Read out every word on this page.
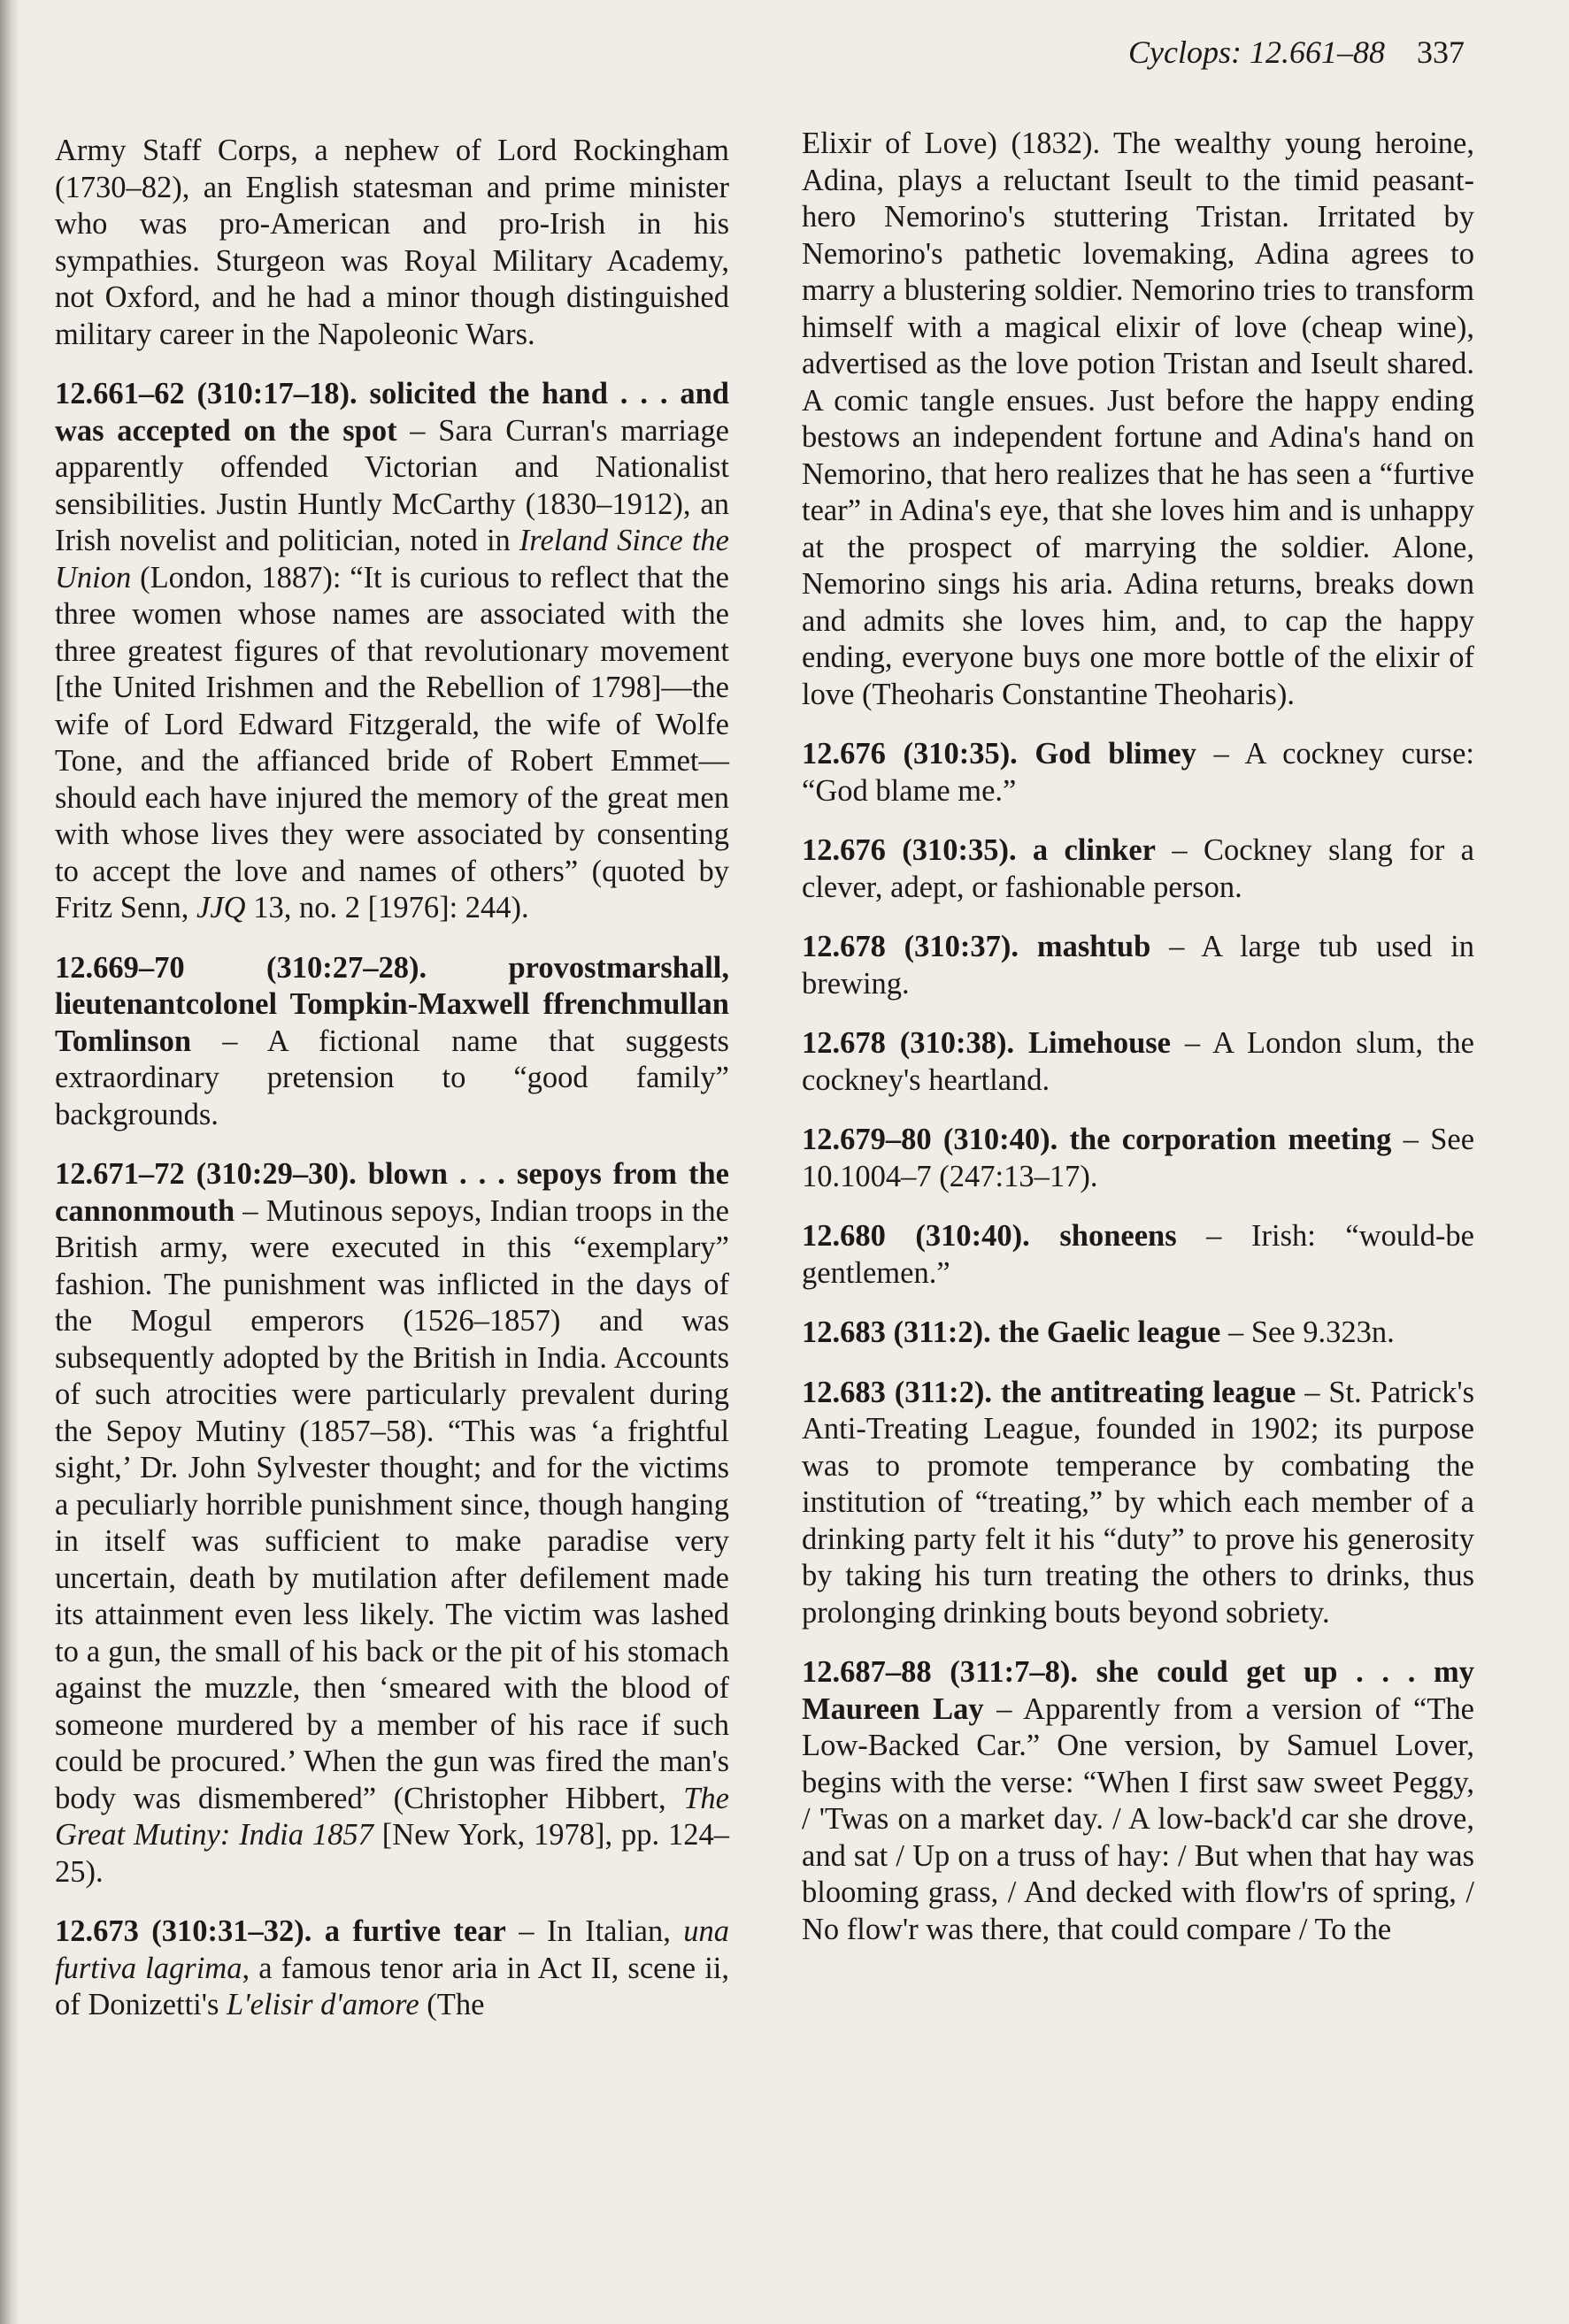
Cyclops: 12.661–88 337

Army Staff Corps, a nephew of Lord Rockingham (1730–82), an English statesman and prime minister who was pro-American and pro-Irish in his sympathies. Sturgeon was Royal Military Academy, not Oxford, and he had a minor though distinguished military career in the Napoleonic Wars.

12.661–62 (310:17–18). solicited the hand . . . and was accepted on the spot – Sara Curran's marriage apparently offended Victorian and Nationalist sensibilities. Justin Huntly McCarthy (1830–1912), an Irish novelist and politician, noted in Ireland Since the Union (London, 1887): “It is curious to reflect that the three women whose names are associated with the three greatest figures of that revolutionary movement [the United Irishmen and the Rebellion of 1798]—the wife of Lord Edward Fitzgerald, the wife of Wolfe Tone, and the affianced bride of Robert Emmet—should each have injured the memory of the great men with whose lives they were associated by consenting to accept the love and names of others” (quoted by Fritz Senn, JJQ 13, no. 2 [1976]: 244).

12.669–70 (310:27–28). provostmarshall, lieutenantcolonel Tompkin-Maxwell ffrenchmullan Tomlinson – A fictional name that suggests extraordinary pretension to “good family” backgrounds.

12.671–72 (310:29–30). blown . . . sepoys from the cannonmouth – Mutinous sepoys, Indian troops in the British army, were executed in this “exemplary” fashion. The punishment was inflicted in the days of the Mogul emperors (1526–1857) and was subsequently adopted by the British in India. Accounts of such atrocities were particularly prevalent during the Sepoy Mutiny (1857–58). “This was ‘a frightful sight,’ Dr. John Sylvester thought; and for the victims a peculiarly horrible punishment since, though hanging in itself was sufficient to make paradise very uncertain, death by mutilation after defilement made its attainment even less likely. The victim was lashed to a gun, the small of his back or the pit of his stomach against the muzzle, then ‘smeared with the blood of someone murdered by a member of his race if such could be procured.’ When the gun was fired the man's body was dismembered” (Christopher Hibbert, The Great Mutiny: India 1857 [New York, 1978], pp. 124–25).

12.673 (310:31–32). a furtive tear – In Italian, una furtiva lagrima, a famous tenor aria in Act II, scene ii, of Donizetti's L'elisir d'amore (The

Elixir of Love) (1832). The wealthy young heroine, Adina, plays a reluctant Iseult to the timid peasant-hero Nemorino's stuttering Tristan. Irritated by Nemorino's pathetic lovemaking, Adina agrees to marry a blustering soldier. Nemorino tries to transform himself with a magical elixir of love (cheap wine), advertised as the love potion Tristan and Iseult shared. A comic tangle ensues. Just before the happy ending bestows an independent fortune and Adina's hand on Nemorino, that hero realizes that he has seen a “furtive tear” in Adina's eye, that she loves him and is unhappy at the prospect of marrying the soldier. Alone, Nemorino sings his aria. Adina returns, breaks down and admits she loves him, and, to cap the happy ending, everyone buys one more bottle of the elixir of love (Theoharis Constantine Theoharis).

12.676 (310:35). God blimey – A cockney curse: “God blame me.”

12.676 (310:35). a clinker – Cockney slang for a clever, adept, or fashionable person.

12.678 (310:37). mashtub – A large tub used in brewing.

12.678 (310:38). Limehouse – A London slum, the cockney's heartland.

12.679–80 (310:40). the corporation meeting – See 10.1004–7 (247:13–17).

12.680 (310:40). shoneens – Irish: “would-be gentlemen.”

12.683 (311:2). the Gaelic league – See 9.323n.

12.683 (311:2). the antitreating league – St. Patrick's Anti-Treating League, founded in 1902; its purpose was to promote temperance by combating the institution of “treating,” by which each member of a drinking party felt it his “duty” to prove his generosity by taking his turn treating the others to drinks, thus prolonging drinking bouts beyond sobriety.

12.687–88 (311:7–8). she could get up . . . my Maureen Lay – Apparently from a version of “The Low-Backed Car.” One version, by Samuel Lover, begins with the verse: “When I first saw sweet Peggy, / 'Twas on a market day. / A low-back'd car she drove, and sat / Up on a truss of hay: / But when that hay was blooming grass, / And decked with flow'rs of spring, / No flow'r was there, that could compare / To the
